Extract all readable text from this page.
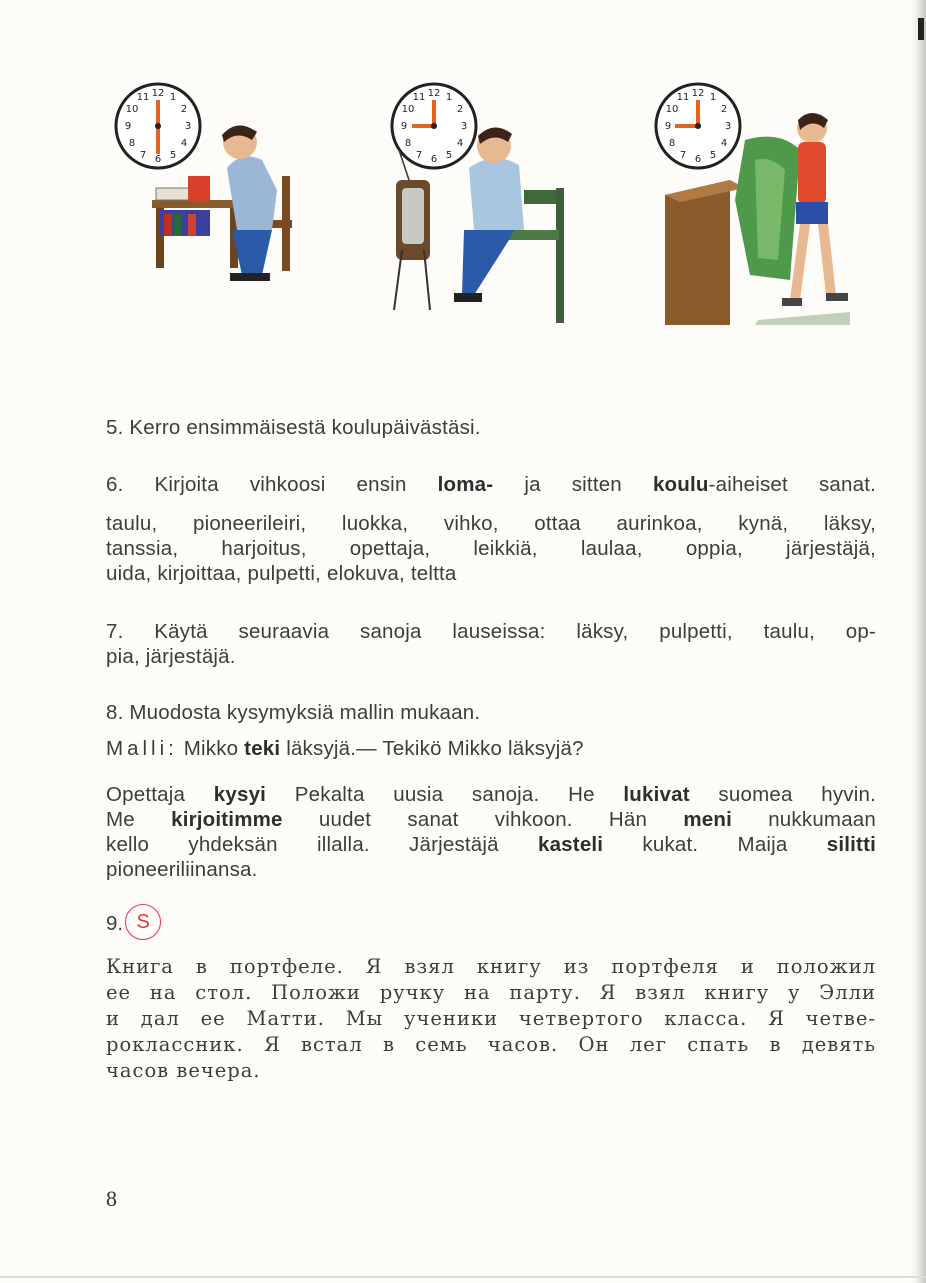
12 1
2
3
4
5
6
7
8
9
10
11	12 1
2
3
4
5
6
7
8
9
10
11	12 1
2
3
4
5
6
7
8
9
10
11
5. Kerro ensimmäisestä koulupäivästäsi.
6. Kirjoita vihkoosi ensin loma- ja sitten koulu-aiheiset sanat.
taulu, pioneerileiri, luokka, vihko, ottaa aurinkoa, kynä, läksy,
tanssia, harjoitus, opettaja, leikkiä, laulaa, oppia, järjestäjä,
uida, kirjoittaa, pulpetti, elokuva, teltta
7. Käytä seuraavia sanoja lauseissa: läksy, pulpetti, taulu, op-
pia, järjestäjä.
8. Muodosta kysymyksiä mallin mukaan.
Malli: Mikko teki läksyjä.— Tekikö Mikko läksyjä?
Opettaja kysyi Pekalta uusia sanoja. He lukivat suomea hyvin.
Me kirjoitimme uudet sanat vihkoon. Hän meni nukkumaan
kello yhdeksän illalla. Järjestäjä kasteli kukat. Maija silitti
pioneeriliinansa.
9. S
Книга в портфеле. Я взял книгу из портфеля и положил
ее на стол. Положи ручку на парту. Я взял книгу у Элли
и дал ее Матти. Мы ученики четвертого класса. Я четве-
роклассник. Я встал в семь часов. Он лег спать в девять
часов вечера.
8
